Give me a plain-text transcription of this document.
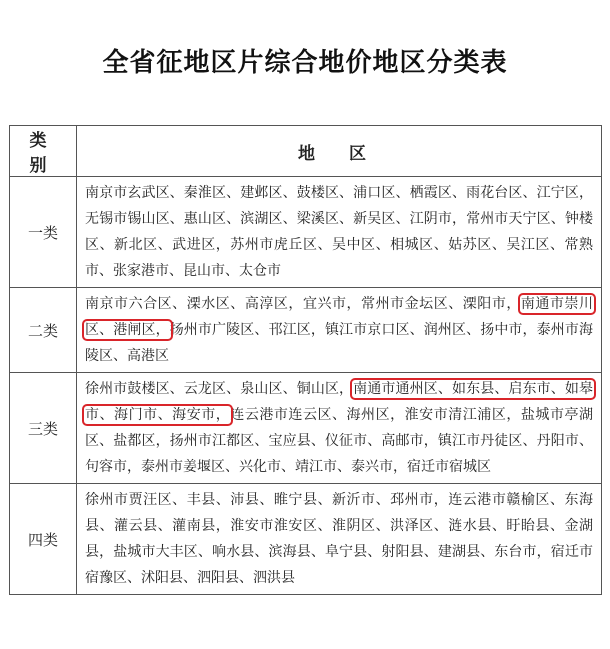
全省征地区片综合地价地区分类表
类 别	地 区
一类	南京市玄武区、秦淮区、建邺区、鼓楼区、浦口区、栖霞区、雨花台区、江宁区，无锡市锡山区、惠山区、滨湖区、梁溪区、新吴区、江阴市，常州市天宁区、钟楼区、新北区、武进区，苏州市虎丘区、吴中区、相城区、姑苏区、吴江区、常熟市、张家港市、昆山市、太仓市
二类	南京市六合区、溧水区、高淳区，宜兴市，常州市金坛区、溧阳市，南通市崇川区、港闸区，扬州市广陵区、邗江区，镇江市京口区、润州区、扬中市，泰州市海陵区、高港区
三类	徐州市鼓楼区、云龙区、泉山区、铜山区，南通市通州区、如东县、启东市、如皋市、海门市、海安市，连云港市连云区、海州区，淮安市清江浦区，盐城市亭湖区、盐都区，扬州市江都区、宝应县、仪征市、高邮市，镇江市丹徒区、丹阳市、句容市，泰州市姜堰区、兴化市、靖江市、泰兴市，宿迁市宿城区
四类	徐州市贾汪区、丰县、沛县、睢宁县、新沂市、邳州市，连云港市赣榆区、东海县、灌云县、灌南县，淮安市淮安区、淮阴区、洪泽区、涟水县、盱眙县、金湖县，盐城市大丰区、响水县、滨海县、阜宁县、射阳县、建湖县、东台市，宿迁市宿豫区、沭阳县、泗阳县、泗洪县
